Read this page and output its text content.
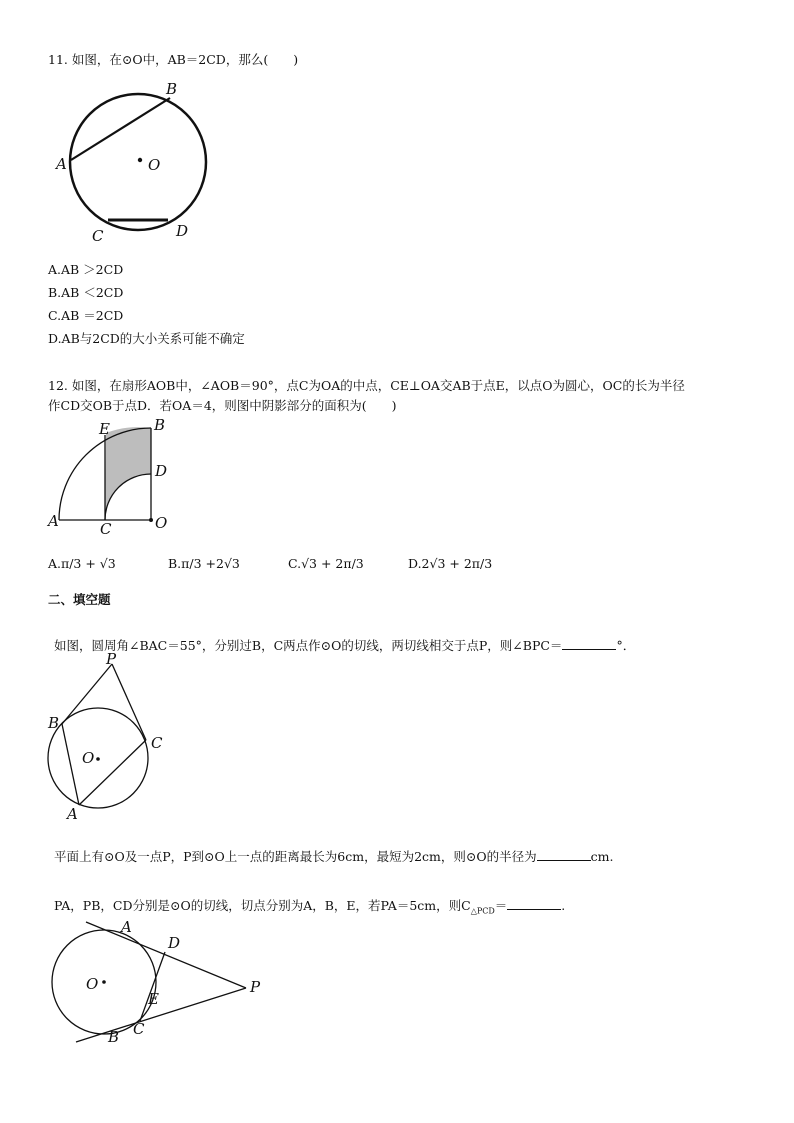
11. 如图，在⊙O中，AB＝2CD，那么(　　)
A
B
C	D
O
A.AB ＞2CD
B.AB ＜2CD
C.AB ＝2CD
D.AB与2CD的大小关系可能不确定
12. 如图，在扇形AOB中，∠AOB＝90°，点C为OA的中点，CE⊥OA交AB于点E，以点O为圆心，OC的长为半径
作CD交OB于点D．若OA＝4，则图中阴影部分的面积为(　　)
A
B
C
D
E
O
A.π/3 + √3	B.π/3 +2√3	C.√3 + 2π/3	D.2√3 + 2π/3
二、填空题
如图，圆周角∠BAC＝55°，分别过B，C两点作⊙O的切线，两切线相交于点P，则∠BPC＝	°．
P
B
C
O
A
平面上有⊙O及一点P，P到⊙O上一点的距离最长为6cm，最短为2cm，则⊙O的半径为	cm.
PA，PB，CD分别是⊙O的切线，切点分别为A，B，E，若PA＝5cm，则$C_{\triangle PCD}=$	.
A
B C
D
E
O	P
